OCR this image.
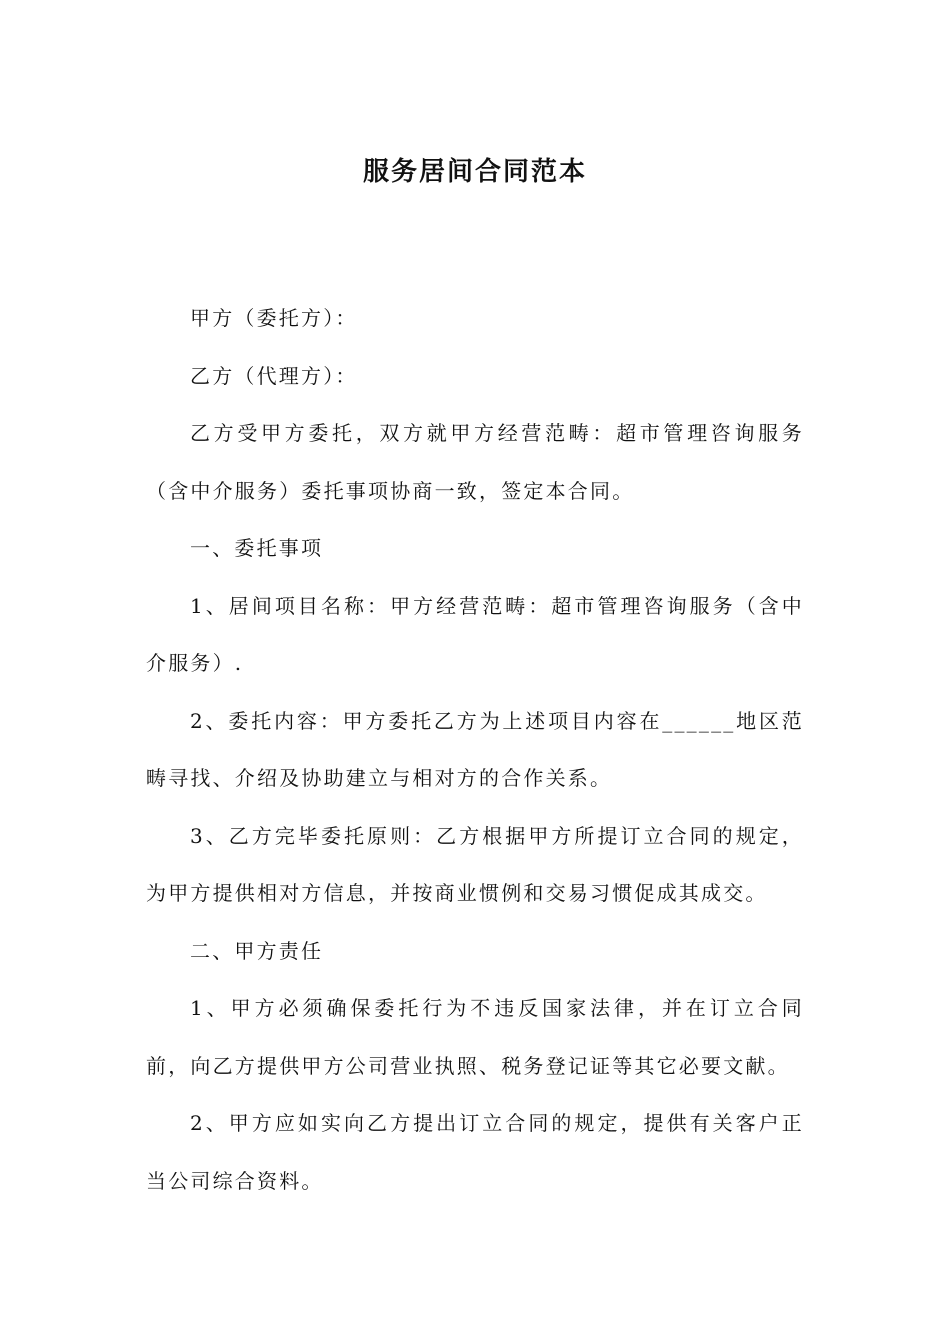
服务居间合同范本

甲方（委托方）：

乙方（代理方）：

乙方受甲方委托，双方就甲方经营范畴：超市管理咨询服务（含中介服务）委托事项协商一致，签定本合同。

一、委托事项

1、居间项目名称：甲方经营范畴：超市管理咨询服务（含中介服务）.

2、委托内容：甲方委托乙方为上述项目内容在______地区范畴寻找、介绍及协助建立与相对方的合作关系。

3、乙方完毕委托原则：乙方根据甲方所提订立合同的规定，为甲方提供相对方信息，并按商业惯例和交易习惯促成其成交。

二、甲方责任

1、甲方必须确保委托行为不违反国家法律，并在订立合同前，向乙方提供甲方公司营业执照、税务登记证等其它必要文献。

2、甲方应如实向乙方提出订立合同的规定，提供有关客户正当公司综合资料。
